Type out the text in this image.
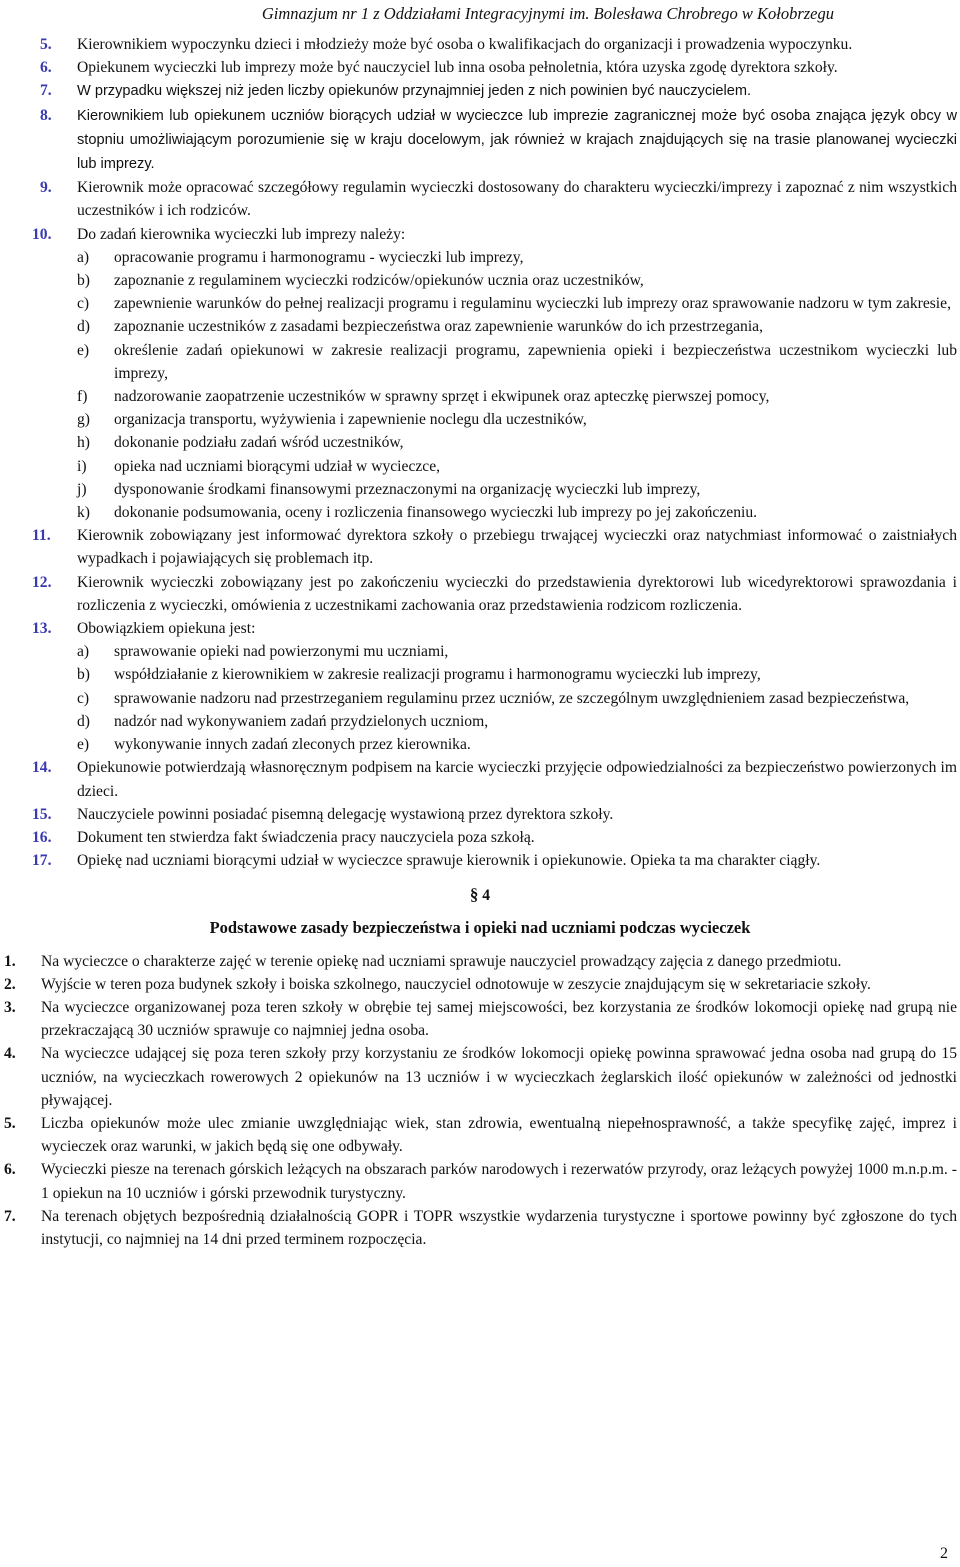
Gimnazjum nr 1 z Oddziałami Integracyjnymi im. Bolesława Chrobrego w Kołobrzegu
5. Kierownikiem wypoczynku dzieci i młodzieży może być osoba o kwalifikacjach do organizacji i prowadzenia wypoczynku.
6. Opiekunem wycieczki lub imprezy może być nauczyciel lub inna osoba pełnoletnia, która uzyska zgodę dyrektora szkoły.
7. W przypadku większej niż jeden liczby opiekunów przynajmniej jeden z nich powinien być nauczycielem.
8. Kierownikiem lub opiekunem uczniów biorących udział w wycieczce lub imprezie zagranicznej może być osoba znająca język obcy w stopniu umożliwiającym porozumienie się w kraju docelowym, jak również w krajach znajdujących się na trasie planowanej wycieczki lub imprezy.
9. Kierownik może opracować szczegółowy regulamin wycieczki dostosowany do charakteru wycieczki/imprezy i zapoznać z nim wszystkich uczestników i ich rodziców.
10. Do zadań kierownika wycieczki lub imprezy należy:
a) opracowanie programu i harmonogramu - wycieczki lub imprezy,
b) zapoznanie z regulaminem wycieczki rodziców/opiekunów ucznia oraz uczestników,
c) zapewnienie warunków do pełnej realizacji programu i regulaminu wycieczki lub imprezy oraz sprawowanie nadzoru w tym zakresie,
d) zapoznanie uczestników z zasadami bezpieczeństwa oraz zapewnienie warunków do ich przestrzegania,
e) określenie zadań opiekunowi w zakresie realizacji programu, zapewnienia opieki i bezpieczeństwa uczestnikom wycieczki lub imprezy,
f) nadzorowanie zaopatrzenie uczestników w sprawny sprzęt i ekwipunek oraz apteczkę pierwszej pomocy,
g) organizacja transportu, wyżywienia i zapewnienie noclegu dla uczestników,
h) dokonanie podziału zadań wśród uczestników,
i) opieka nad uczniami biorącymi udział w wycieczce,
j) dysponowanie środkami finansowymi przeznaczonymi na organizację wycieczki lub imprezy,
k) dokonanie podsumowania, oceny i rozliczenia finansowego wycieczki lub imprezy po jej zakończeniu.
11. Kierownik zobowiązany jest informować dyrektora szkoły o przebiegu trwającej wycieczki oraz natychmiast informować o zaistniałych wypadkach i pojawiających się problemach itp.
12. Kierownik wycieczki zobowiązany jest po zakończeniu wycieczki do przedstawienia dyrektorowi lub wicedyrektorowi sprawozdania i rozliczenia z wycieczki, omówienia z uczestnikami zachowania oraz przedstawienia rodzicom rozliczenia.
13. Obowiązkiem opiekuna jest:
a) sprawowanie opieki nad powierzonymi mu uczniami,
b) współdziałanie z kierownikiem w zakresie realizacji programu i harmonogramu wycieczki lub imprezy,
c) sprawowanie nadzoru nad przestrzeganiem regulaminu przez uczniów, ze szczególnym uwzględnieniem zasad bezpieczeństwa,
d) nadzór nad wykonywaniem zadań przydzielonych uczniom,
e) wykonywanie innych zadań zleconych przez kierownika.
14. Opiekunowie potwierdzają własnoręcznym podpisem na karcie wycieczki przyjęcie odpowiedzialności za bezpieczeństwo powierzonych im dzieci.
15. Nauczyciele powinni posiadać pisemną delegację wystawioną przez dyrektora szkoły.
16. Dokument ten stwierdza fakt świadczenia pracy nauczyciela poza szkołą.
17. Opiekę nad uczniami biorącymi udział w wycieczce sprawuje kierownik i opiekunowie. Opieka ta ma charakter ciągły.
§ 4
Podstawowe zasady bezpieczeństwa i opieki nad uczniami podczas wycieczek
1. Na wycieczce o charakterze zajęć w terenie opiekę nad uczniami sprawuje nauczyciel prowadzący zajęcia z danego przedmiotu.
2. Wyjście w teren poza budynek szkoły i boiska szkolnego, nauczyciel odnotowuje w zeszycie znajdującym się w sekretariacie szkoły.
3. Na wycieczce organizowanej poza teren szkoły w obrębie tej samej miejscowości, bez korzystania ze środków lokomocji opiekę nad grupą nie przekraczającą 30 uczniów sprawuje co najmniej jedna osoba.
4. Na wycieczce udającej się poza teren szkoły przy korzystaniu ze środków lokomocji opiekę powinna sprawować jedna osoba nad grupą do 15 uczniów, na wycieczkach rowerowych 2 opiekunów na 13 uczniów i w wycieczkach żeglarskich ilość opiekunów w zależności od jednostki pływającej.
5. Liczba opiekunów może ulec zmianie uwzględniając wiek, stan zdrowia, ewentualną niepełnosprawność, a także specyfikę zajęć, imprez i wycieczek oraz warunki, w jakich będą się one odbywały.
6. Wycieczki piesze na terenach górskich leżących na obszarach parków narodowych i rezerwatów przyrody, oraz leżących powyżej 1000 m.n.p.m. - 1 opiekun na 10 uczniów i górski przewodnik turystyczny.
7. Na terenach objętych bezpośrednią działalnością GOPR i TOPR wszystkie wydarzenia turystyczne i sportowe powinny być zgłoszone do tych instytucji, co najmniej na 14 dni przed terminem rozpoczęcia.
2
